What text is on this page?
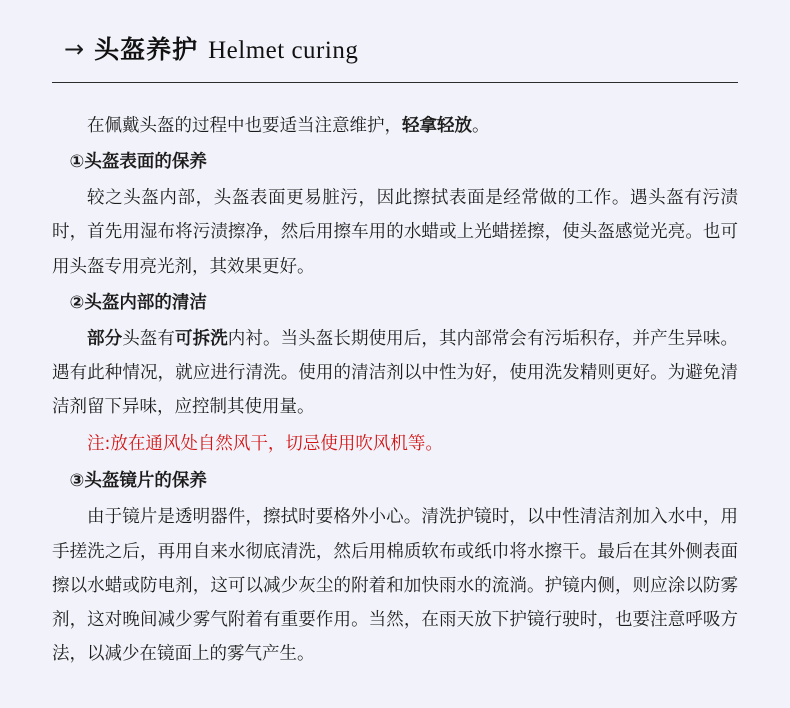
→ 头盔养护 Helmet curing

在佩戴头盔的过程中也要适当注意维护，轻拿轻放。

①头盔表面的保养

较之头盔内部，头盔表面更易脏污，因此擦拭表面是经常做的工作。遇头盔有污渍时，首先用湿布将污渍擦净，然后用擦车用的水蜡或上光蜡搓擦，使头盔感觉光亮。也可用头盔专用亮光剂，其效果更好。

②头盔内部的清洁

部分头盔有可拆洗内衬。当头盔长期使用后，其内部常会有污垢积存，并产生异味。遇有此种情况，就应进行清洗。使用的清洁剂以中性为好，使用洗发精则更好。为避免清洁剂留下异味，应控制其使用量。

注:放在通风处自然风干，切忌使用吹风机等。

③头盔镜片的保养

由于镜片是透明器件，擦拭时要格外小心。清洗护镜时，以中性清洁剂加入水中，用手搓洗之后，再用自来水彻底清洗，然后用棉质软布或纸巾将水擦干。最后在其外侧表面擦以水蜡或防电剂，这可以减少灰尘的附着和加快雨水的流淌。护镜内侧，则应涂以防雾剂，这对晚间减少雾气附着有重要作用。当然，在雨天放下护镜行驶时，也要注意呼吸方法，以减少在镜面上的雾气产生。
